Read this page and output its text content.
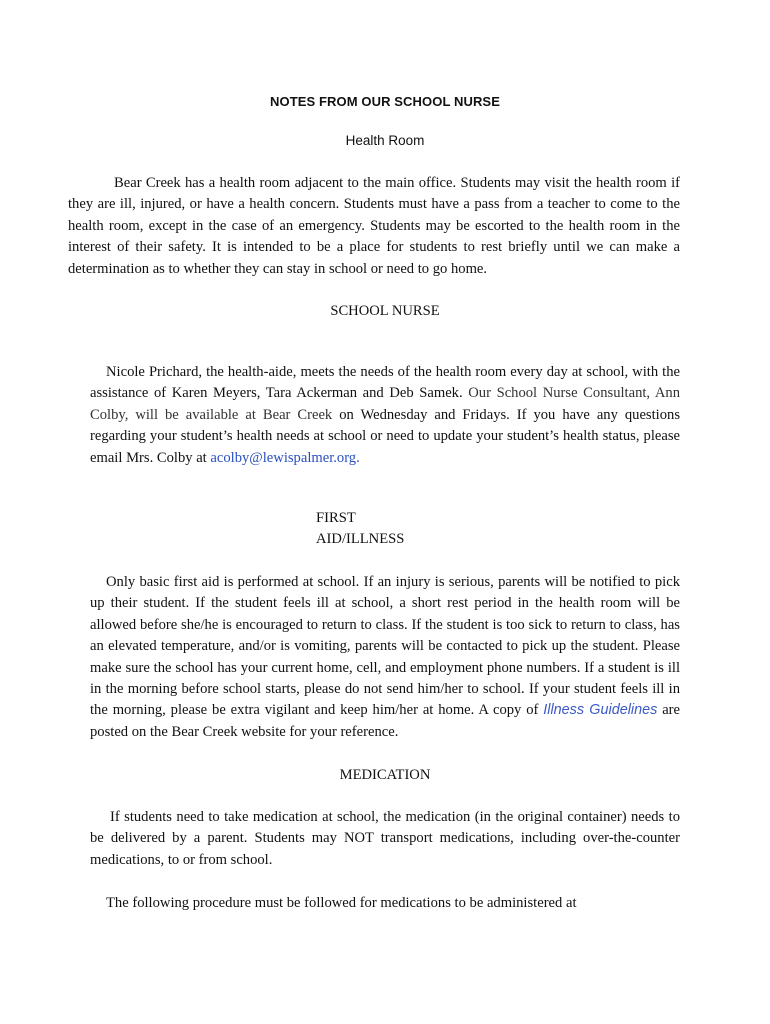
NOTES FROM OUR SCHOOL NURSE
Health Room

Bear Creek has a health room adjacent to the main office. Students may visit the health room if they are ill, injured, or have a health concern. Students must have a pass from a teacher to come to the health room, except in the case of an emergency. Students may be escorted to the health room in the interest of their safety. It is intended to be a place for students to rest briefly until we can make a determination as to whether they can stay in school or need to go home.

SCHOOL NURSE

Nicole Prichard, the health-aide, meets the needs of the health room every day at school, with the assistance of Karen Meyers, Tara Ackerman and Deb Samek. Our School Nurse Consultant, Ann Colby, will be available at Bear Creek on Wednesday and Fridays. If you have any questions regarding your student’s health needs at school or need to update your student’s health status, please email Mrs. Colby at acolby@lewispalmer.org.

FIRST
AID/ILLNESS

Only basic first aid is performed at school. If an injury is serious, parents will be notified to pick up their student. If the student feels ill at school, a short rest period in the health room will be allowed before she/he is encouraged to return to class. If the student is too sick to return to class, has an elevated temperature, and/or is vomiting, parents will be contacted to pick up the student. Please make sure the school has your current home, cell, and employment phone numbers. If a student is ill in the morning before school starts, please do not send him/her to school. If your student feels ill in the morning, please be extra vigilant and keep him/her at home. A copy of Illness Guidelines are posted on the Bear Creek website for your reference.

MEDICATION

If students need to take medication at school, the medication (in the original container) needs to be delivered by a parent. Students may NOT transport medications, including over-the-counter medications, to or from school.

The following procedure must be followed for medications to be administered at
